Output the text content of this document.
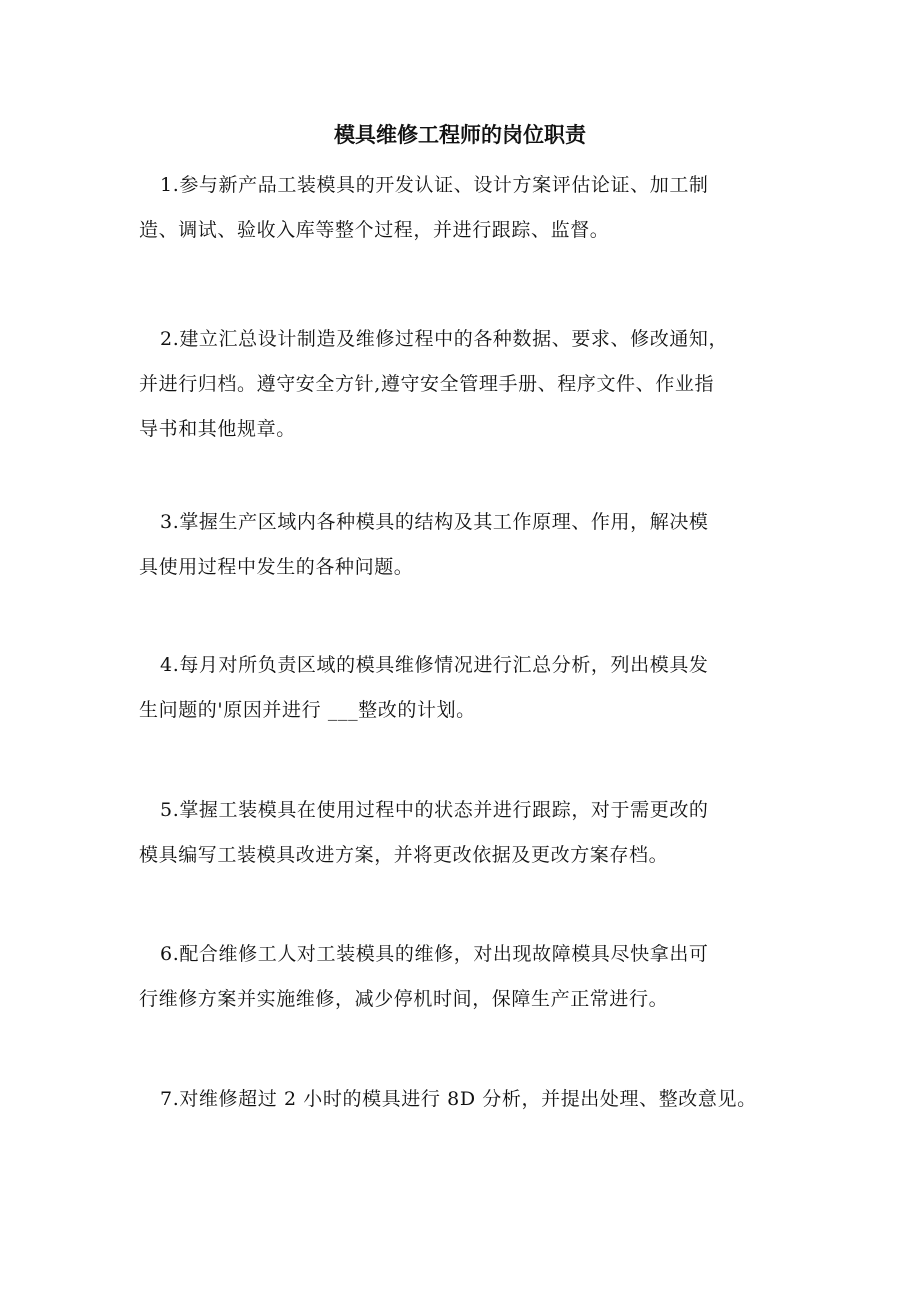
模具维修工程师的岗位职责
1.参与新产品工装模具的开发认证、设计方案评估论证、加工制
造、调试、验收入库等整个过程，并进行跟踪、监督。
2.建立汇总设计制造及维修过程中的各种数据、要求、修改通知，
并进行归档。遵守安全方针,遵守安全管理手册、程序文件、作业指
导书和其他规章。
3.掌握生产区域内各种模具的结构及其工作原理、作用，解决模
具使用过程中发生的各种问题。
4.每月对所负责区域的模具维修情况进行汇总分析，列出模具发
生问题的'原因并进行 ___整改的计划。
5.掌握工装模具在使用过程中的状态并进行跟踪，对于需更改的
模具编写工装模具改进方案，并将更改依据及更改方案存档。
6.配合维修工人对工装模具的维修，对出现故障模具尽快拿出可
行维修方案并实施维修，减少停机时间，保障生产正常进行。
7.对维修超过 2 小时的模具进行 8D 分析，并提出处理、整改意见。
